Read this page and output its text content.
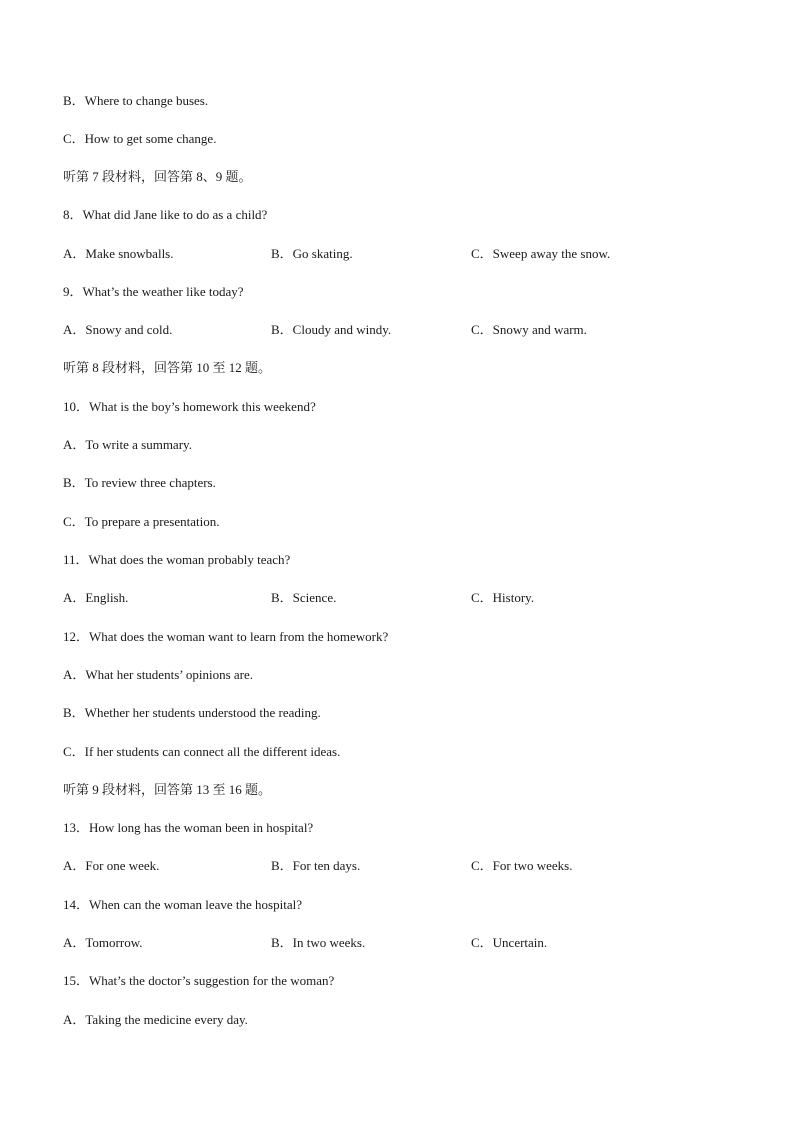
B．Where to change buses.
C．How to get some change.
听第 7 段材料，回答第 8、9 题。
8．What did Jane like to do as a child?
A．Make snowballs.	B．Go skating.	C．Sweep away the snow.
9．What’s the weather like today?
A．Snowy and cold.	B．Cloudy and windy.	C．Snowy and warm.
听第 8 段材料，回答第 10 至 12 题。
10．What is the boy’s homework this weekend?
A．To write a summary.
B．To review three chapters.
C．To prepare a presentation.
11．What does the woman probably teach?
A．English.	B．Science.	C．History.
12．What does the woman want to learn from the homework?
A．What her students’ opinions are.
B．Whether her students understood the reading.
C．If her students can connect all the different ideas.
听第 9 段材料，回答第 13 至 16 题。
13．How long has the woman been in hospital?
A．For one week.	B．For ten days.	C．For two weeks.
14．When can the woman leave the hospital?
A．Tomorrow.	B．In two weeks.	C．Uncertain.
15．What’s the doctor’s suggestion for the woman?
A．Taking the medicine every day.
